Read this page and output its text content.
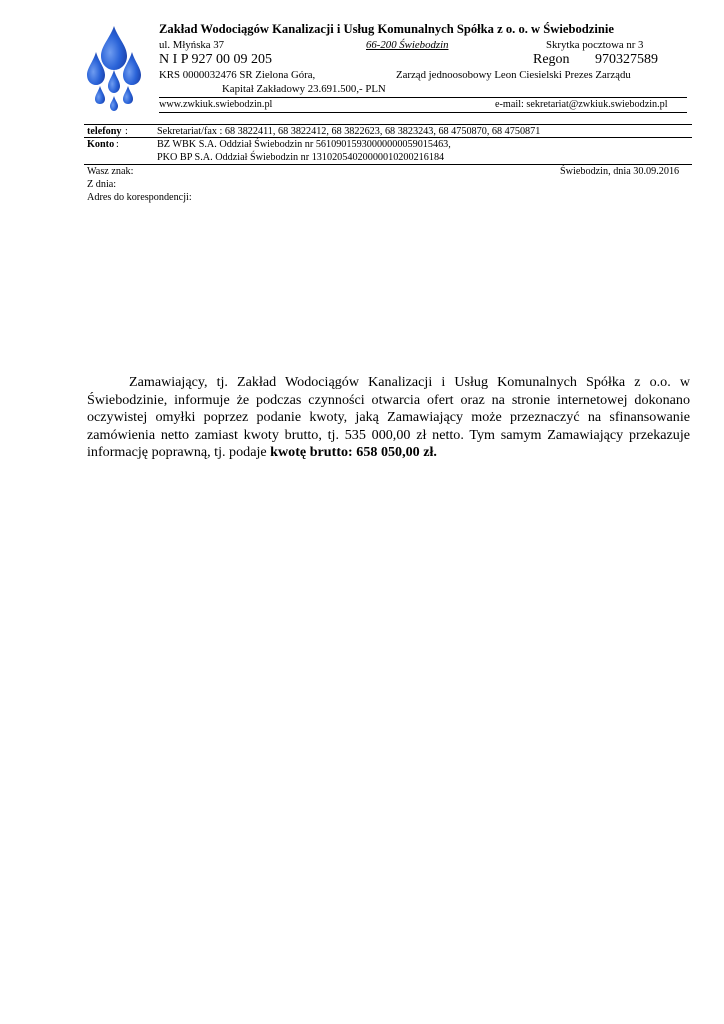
Zakład Wodociągów Kanalizacji i Usług Komunalnych Spółka z o. o. w Świebodzinie
ul. Młyńska 37	66-200 Świebodzin	Skrytka pocztowa nr 3
N I P 927 00 09 205	Regon 970327589
KRS 0000032476 SR Zielona Góra,	Zarząd jednoosobowy Leon Ciesielski Prezes Zarządu
Kapitał Zakładowy 23.691.500,- PLN
www.zwkiuk.swiebodzin.pl	e-mail: sekretariat@zwkiuk.swiebodzin.pl
telefony :	Sekretariat/fax : 68 3822411, 68 3822412, 68 3822623, 68 3823243, 68 4750870, 68 4750871
Konto :	BZ WBK S.A. Oddział Świebodzin nr 56109015930000000059015463,
PKO BP S.A. Oddział Świebodzin nr 13102054020000010200216184
Wasz znak:	Świebodzin, dnia 30.09.2016
Z dnia:
Adres do korespondencji:

Zamawiający, tj. Zakład Wodociągów Kanalizacji i Usług Komunalnych Spółka z o.o. w Świebodzinie, informuje że podczas czynności otwarcia ofert oraz na stronie internetowej dokonano oczywistej omyłki poprzez podanie kwoty, jaką Zamawiający może przeznaczyć na sfinansowanie zamówienia netto zamiast kwoty brutto, tj. 535 000,00 zł netto. Tym samym Zamawiający przekazuje informację poprawną, tj. podaje kwotę brutto: 658 050,00 zł.
